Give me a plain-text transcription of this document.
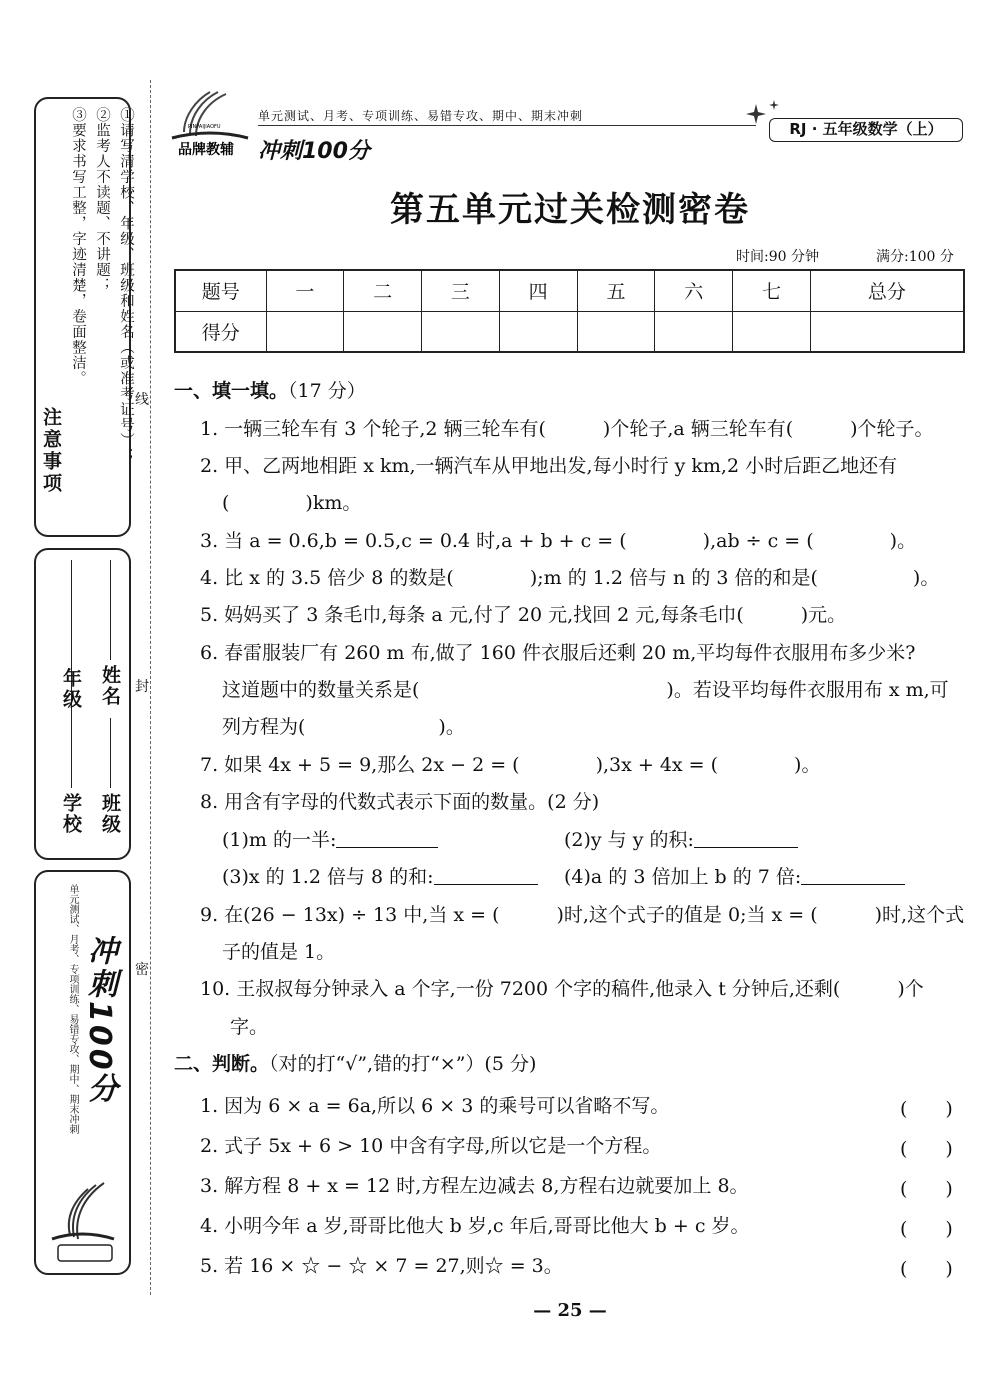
注意事项	①请写清学校、年级、班级和姓名（或准考证号）；
②监考人不读题、不讲题；
③要求书写工整，字迹清楚，卷面整洁。
学校
年级
班级
姓名
单元测试、月考、专项训练、易错专攻、期中、期末冲刺 冲刺100分
线
封
密
品牌教辅
PINPAIJIAOFU
单元测试、月考、专项训练、易错专攻、期中、期末冲刺
冲刺100分
RJ · 五年级数学（上）
第五单元过关检测密卷
时间:90 分钟	满分:100 分
题号	一	二	三	四	五	六	七	总分
得分								
一、填一填。（17 分）
1. 一辆三轮车有 3 个轮子,2 辆三轮车有(　　　)个轮子,a 辆三轮车有(　　　)个轮子。
2. 甲、乙两地相距 x km,一辆汽车从甲地出发,每小时行 y km,2 小时后距乙地还有
(　　　　)km。
3. 当 a = 0.6,b = 0.5,c = 0.4 时,a + b + c = (　　　　),ab ÷ c = (　　　　)。
4. 比 x 的 3.5 倍少 8 的数是(　　　　);m 的 1.2 倍与 n 的 3 倍的和是(　　　　　)。
5. 妈妈买了 3 条毛巾,每条 a 元,付了 20 元,找回 2 元,每条毛巾(　　　)元。
6. 春雷服装厂有 260 m 布,做了 160 件衣服后还剩 20 m,平均每件衣服用布多少米?
这道题中的数量关系是(　　　　　　　　　　　　　)。若设平均每件衣服用布 x m,可
列方程为(　　　　　　　)。
7. 如果 4x + 5 = 9,那么 2x − 2 = (　　　　),3x + 4x = (　　　　)。
8. 用含有字母的代数式表示下面的数量。(2 分)
(1)m 的一半:	(2)y 与 y 的积:
(3)x 的 1.2 倍与 8 的和:	(4)a 的 3 倍加上 b 的 7 倍:
9. 在(26 − 13x) ÷ 13 中,当 x = (　　　)时,这个式子的值是 0;当 x = (　　　)时,这个式
子的值是 1。
10. 王叔叔每分钟录入 a 个字,一份 7200 个字的稿件,他录入 t 分钟后,还剩(　　　)个
字。
二、判断。（对的打“√”,错的打“×”）(5 分)
1. 因为 6 × a = 6a,所以 6 × 3 的乘号可以省略不写。	(　　)
2. 式子 5x + 6 > 10 中含有字母,所以它是一个方程。	(　　)
3. 解方程 8 + x = 12 时,方程左边减去 8,方程右边就要加上 8。	(　　)
4. 小明今年 a 岁,哥哥比他大 b 岁,c 年后,哥哥比他大 b + c 岁。	(　　)
5. 若 16 × ☆ − ☆ × 7 = 27,则☆ = 3。	(　　)
— 25 —
